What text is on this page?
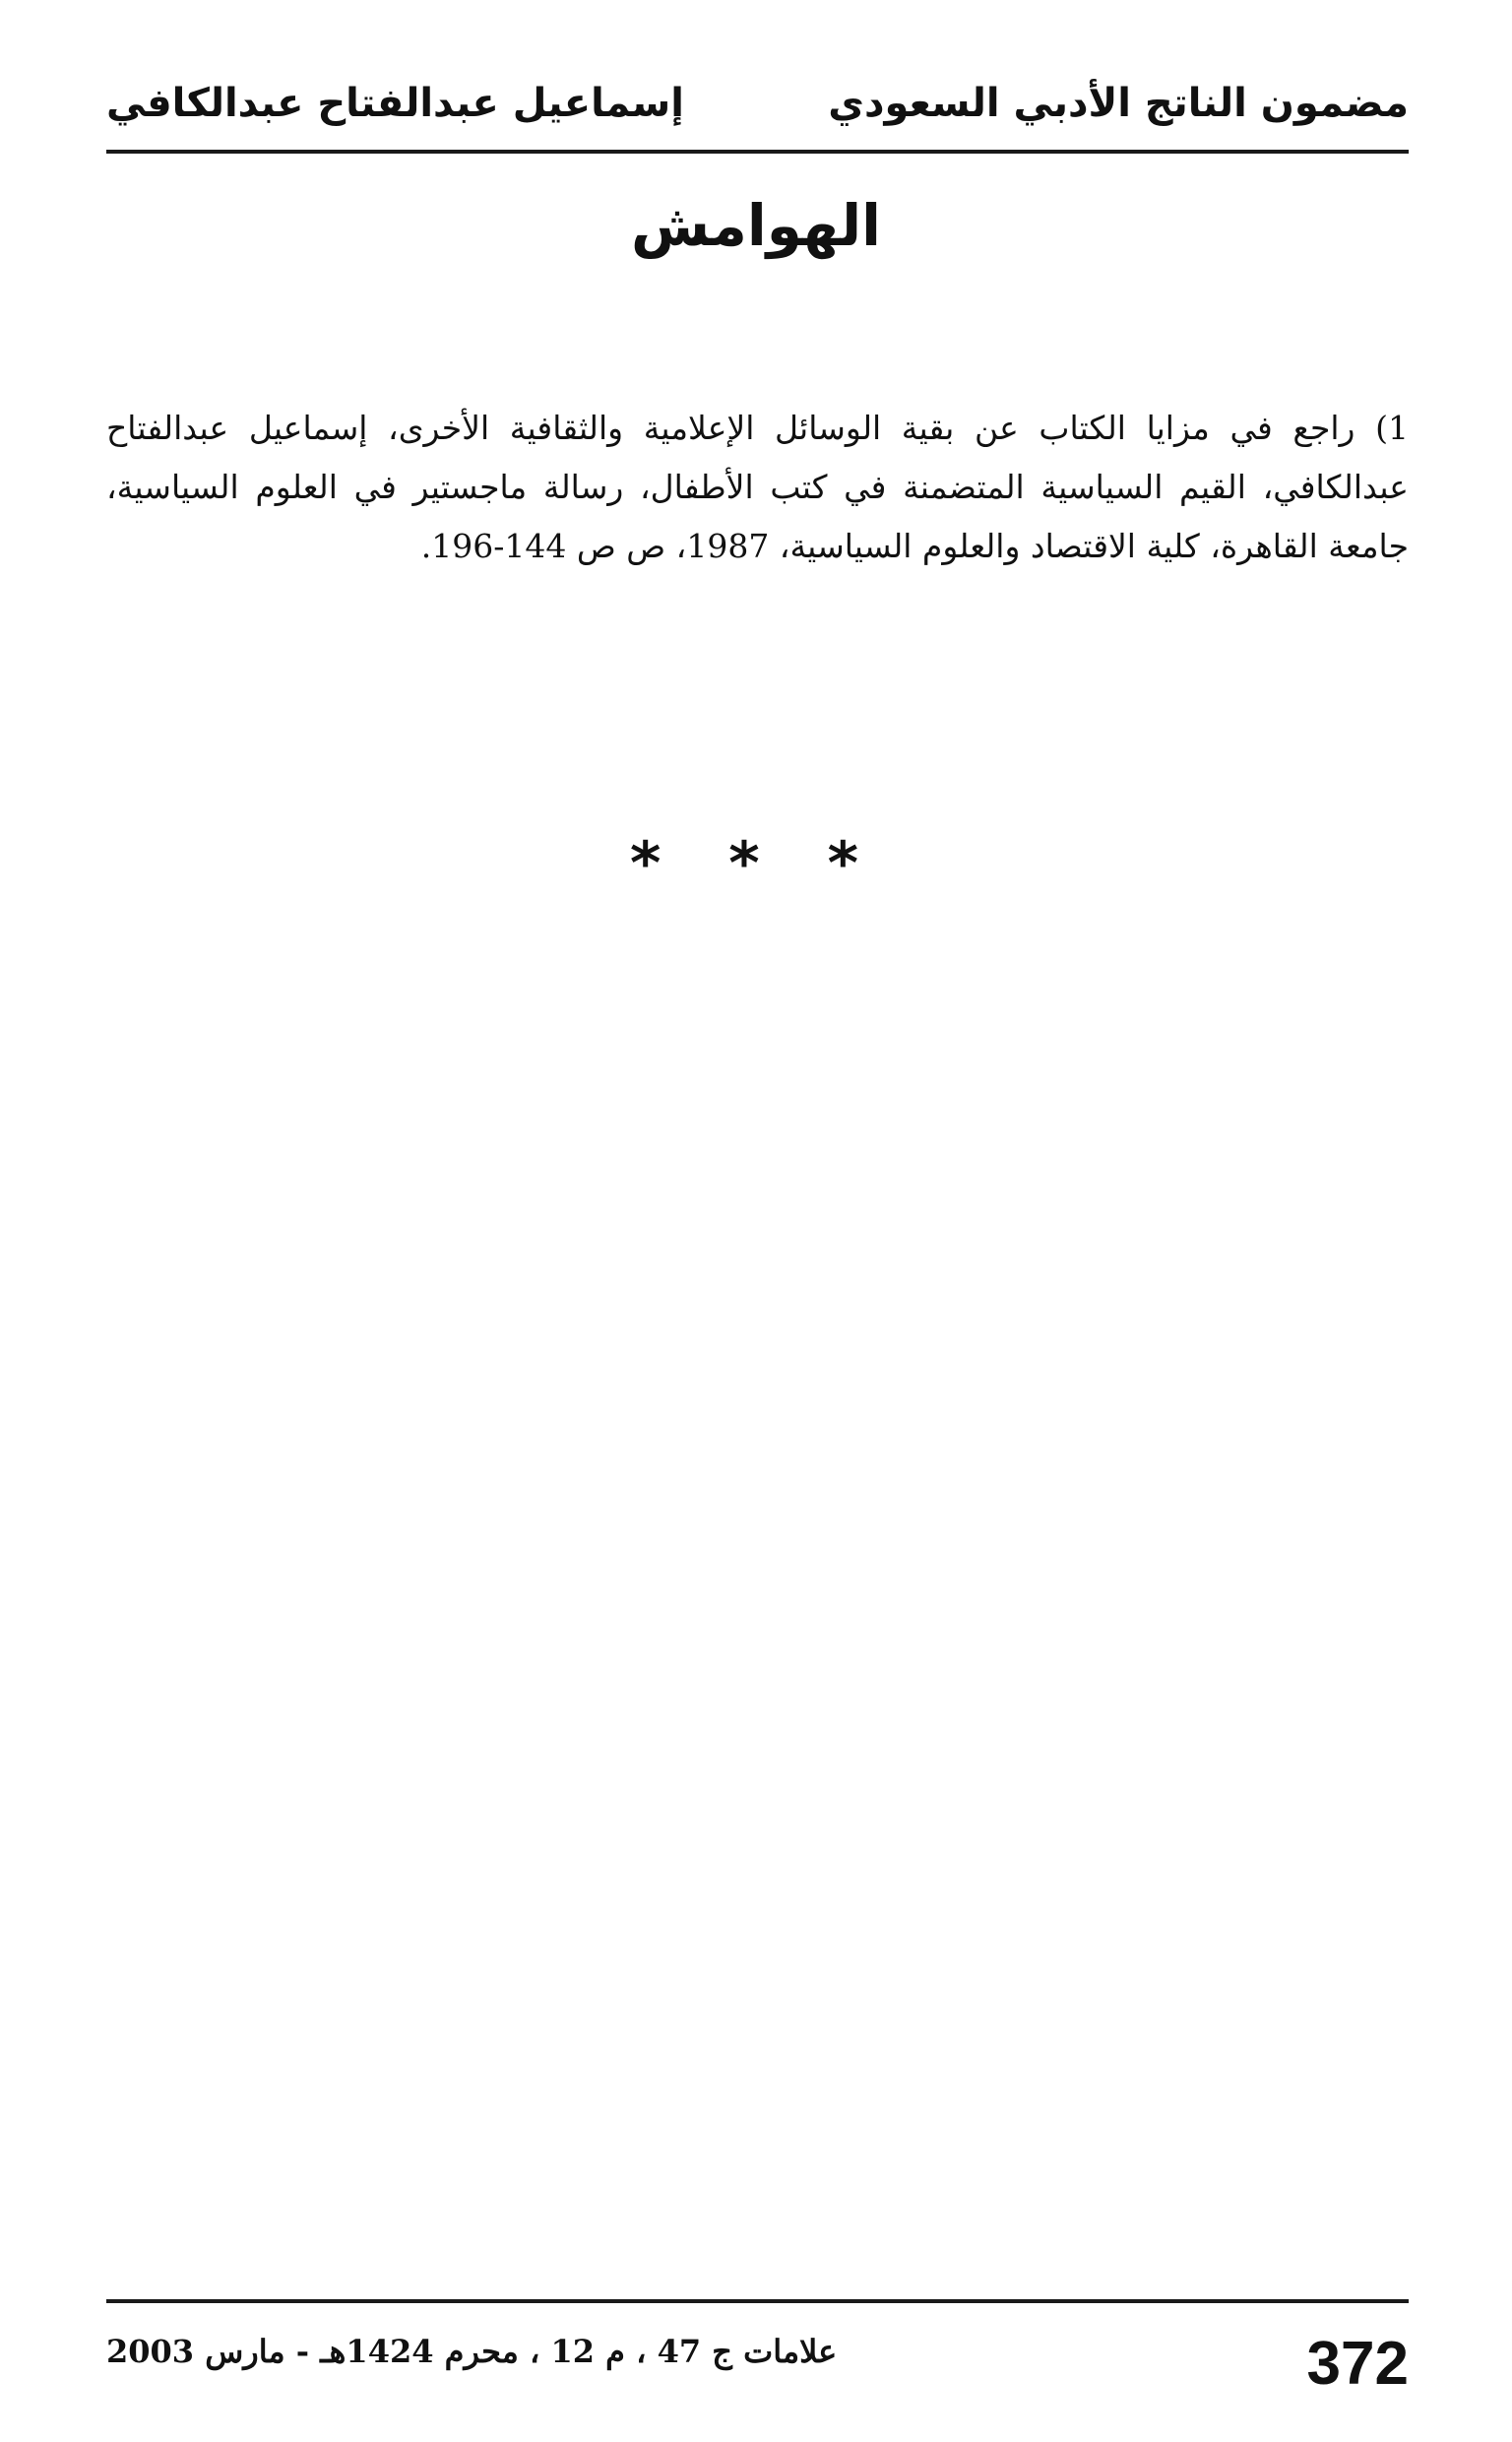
مضمون الناتج الأدبي السعودي
إسماعيل عبدالفتاح عبدالكافي
الهوامش

1) راجع في مزايا الكتاب عن بقية الوسائل الإعلامية والثقافية الأخرى، إسماعيل عبدالفتاح عبدالكافي، القيم السياسية المتضمنة في كتب الأطفال، رسالة ماجستير في العلوم السياسية، جامعة القاهرة، كلية الاقتصاد والعلوم السياسية، 1987، ص ص 144-196.

* * *
372
علامات ج 47 ، م 12 ، محرم 1424هـ - مارس 2003
